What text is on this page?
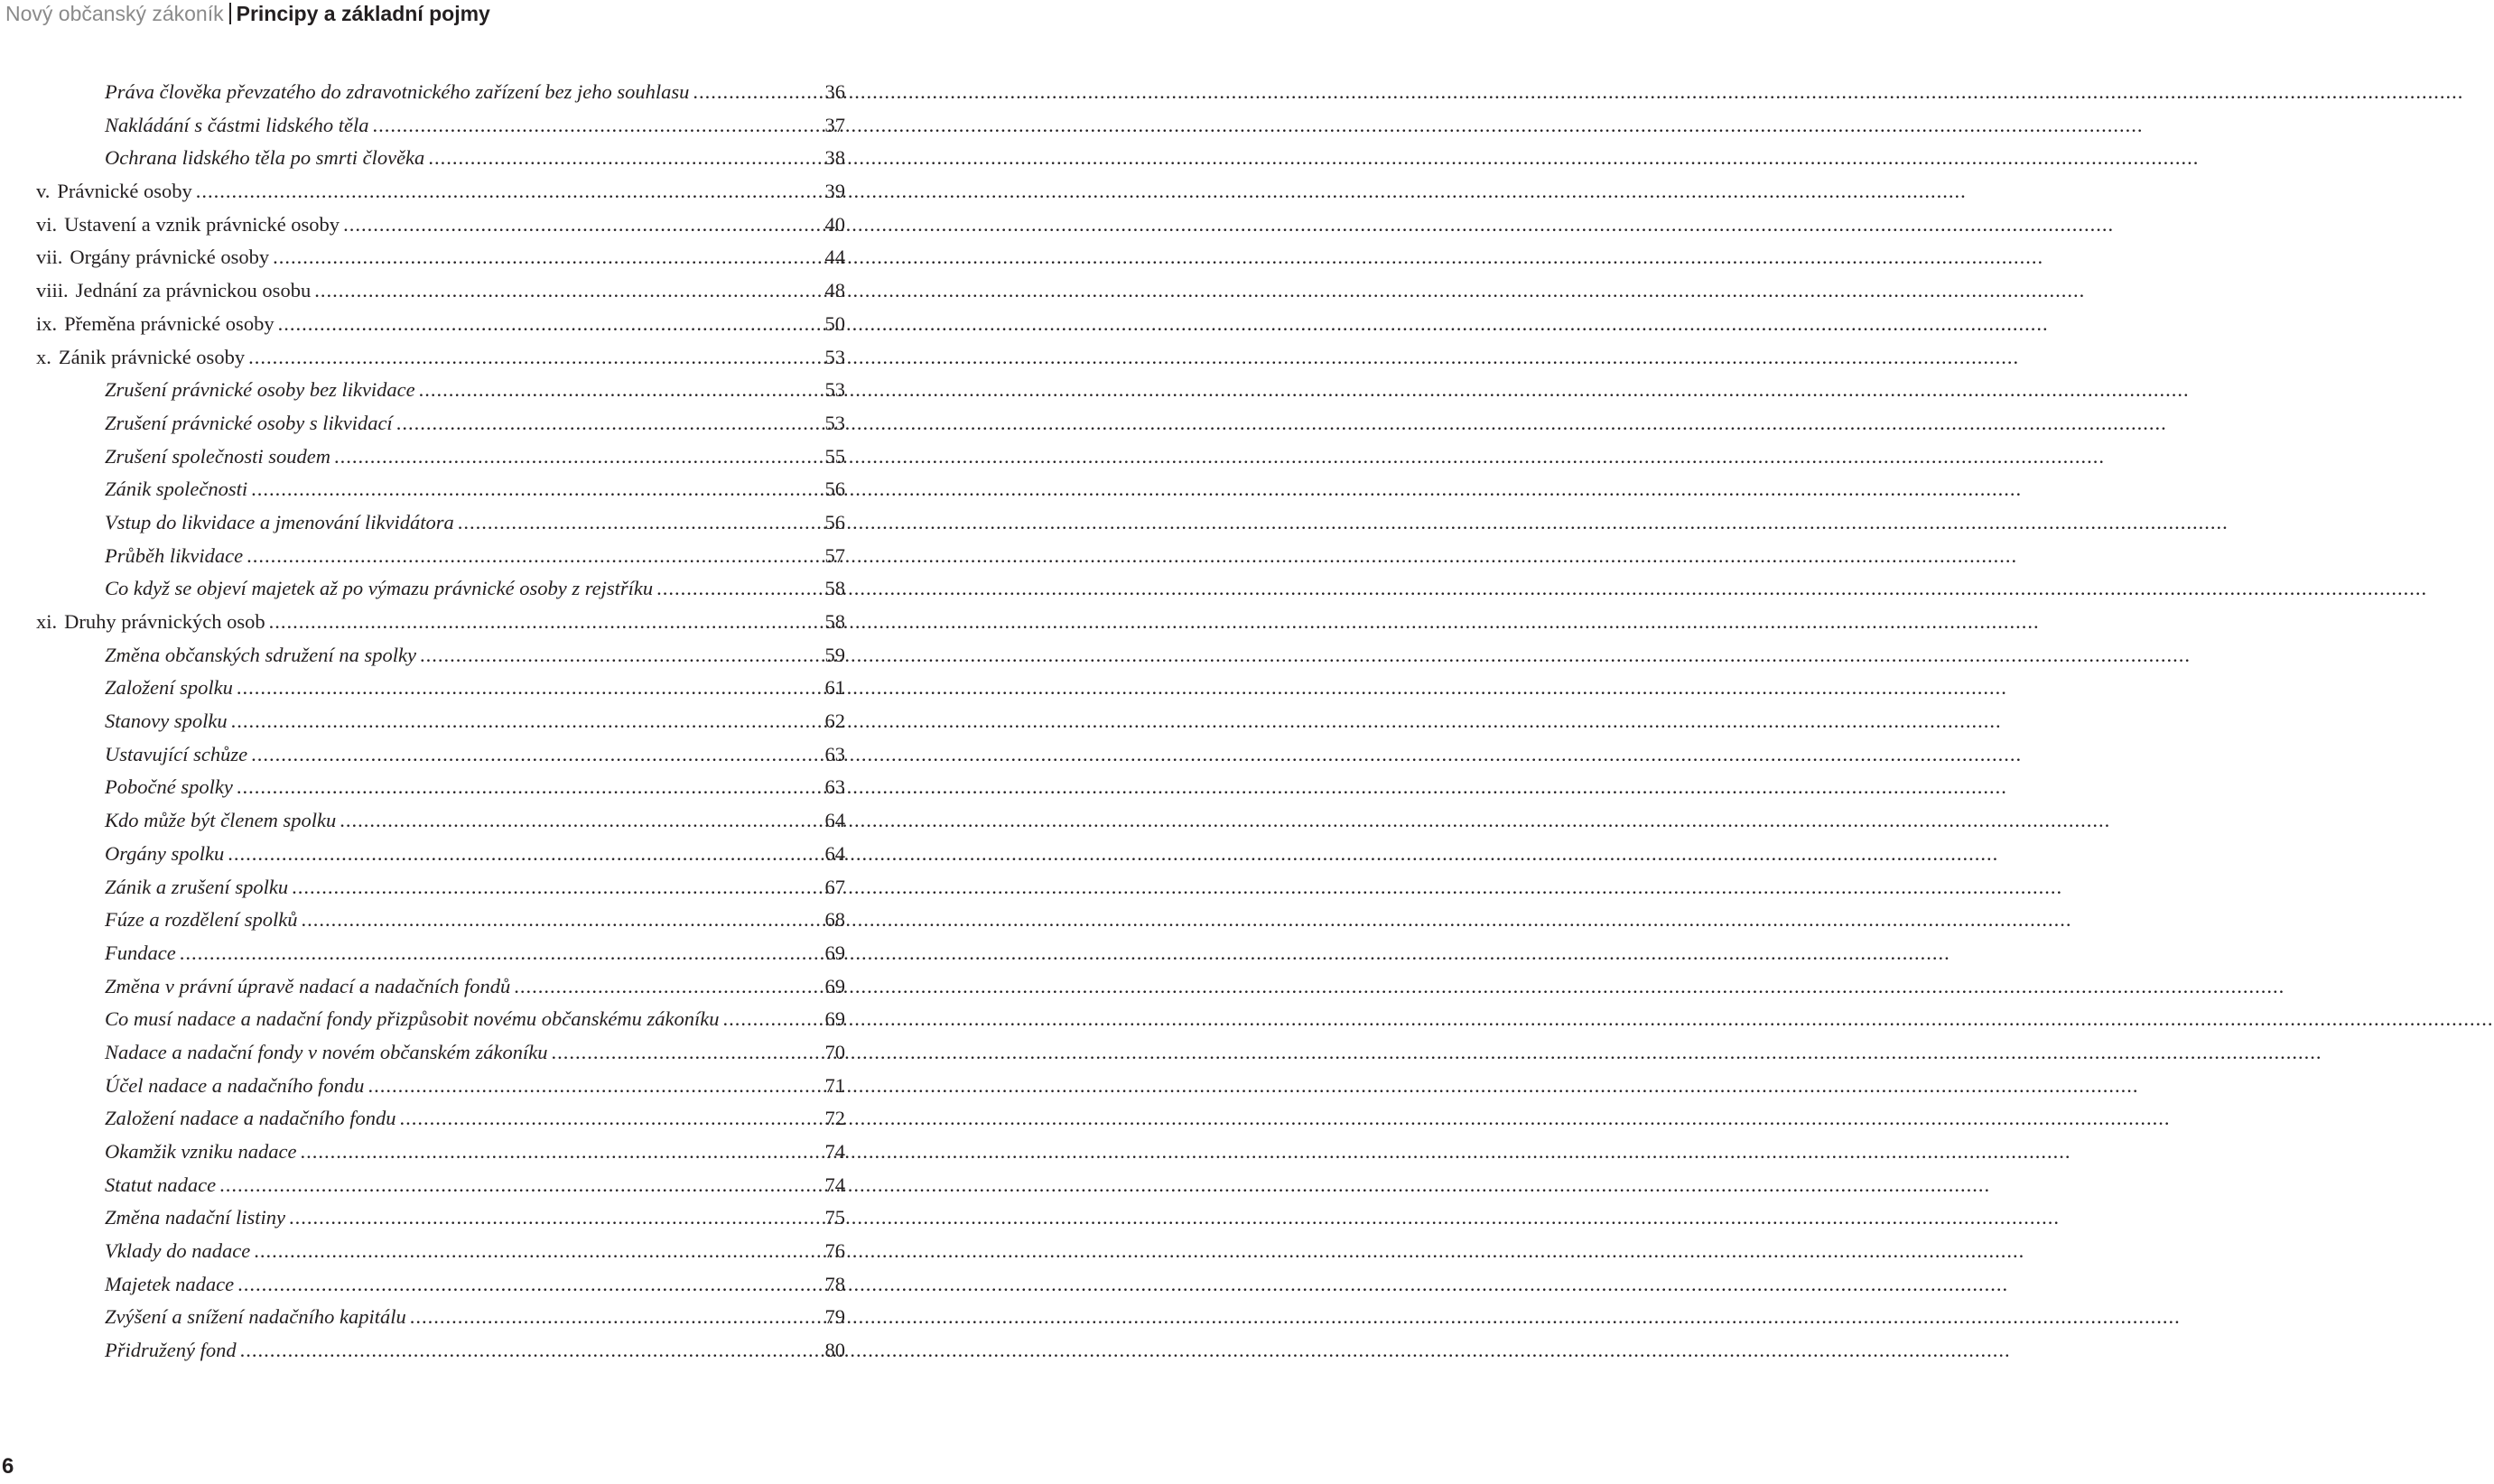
Nový občanský zákoník Principy a základní pojmy
Práva člověka převzatého do zdravotnického zařízení bez jeho souhlasu .....	36
Nakládání s částmi lidského těla .....	37
Ochrana lidského těla po smrti člověka .....	38
v. Právnické osoby .....	39
vi. Ustavení a vznik právnické osoby .....	40
vii. Orgány právnické osoby .....	44
viii. Jednání za právnickou osobu .....	48
ix. Přeměna právnické osoby .....	50
x. Zánik právnické osoby .....	53
Zrušení právnické osoby bez likvidace .....	53
Zrušení právnické osoby s likvidací .....	53
Zrušení společnosti soudem .....	55
Zánik společnosti .....	56
Vstup do likvidace a jmenování likvidátora .....	56
Průběh likvidace .....	57
Co když se objeví majetek až po výmazu právnické osoby z rejstříku .....	58
xi. Druhy právnických osob .....	58
Změna občanských sdružení na spolky .....	59
Založení spolku .....	61
Stanovy spolku .....	62
Ustavující schůze .....	63
Pobočné spolky .....	63
Kdo může být členem spolku .....	64
Orgány spolku .....	64
Zánik a zrušení spolku .....	67
Fúze a rozdělení spolků .....	68
Fundace .....	69
Změna v právní úpravě nadací a nadačních fondů .....	69
Co musí nadace a nadační fondy přizpůsobit novému občanskému zákoníku .....	69
Nadace a nadační fondy v novém občanském zákoníku .....	70
Účel nadace a nadačního fondu .....	71
Založení nadace a nadačního fondu .....	72
Okamžik vzniku nadace .....	74
Statut nadace .....	74
Změna nadační listiny .....	75
Vklady do nadace .....	76
Majetek nadace .....	78
Zvýšení a snížení nadačního kapitálu .....	79
Přidružený fond .....	80
6
